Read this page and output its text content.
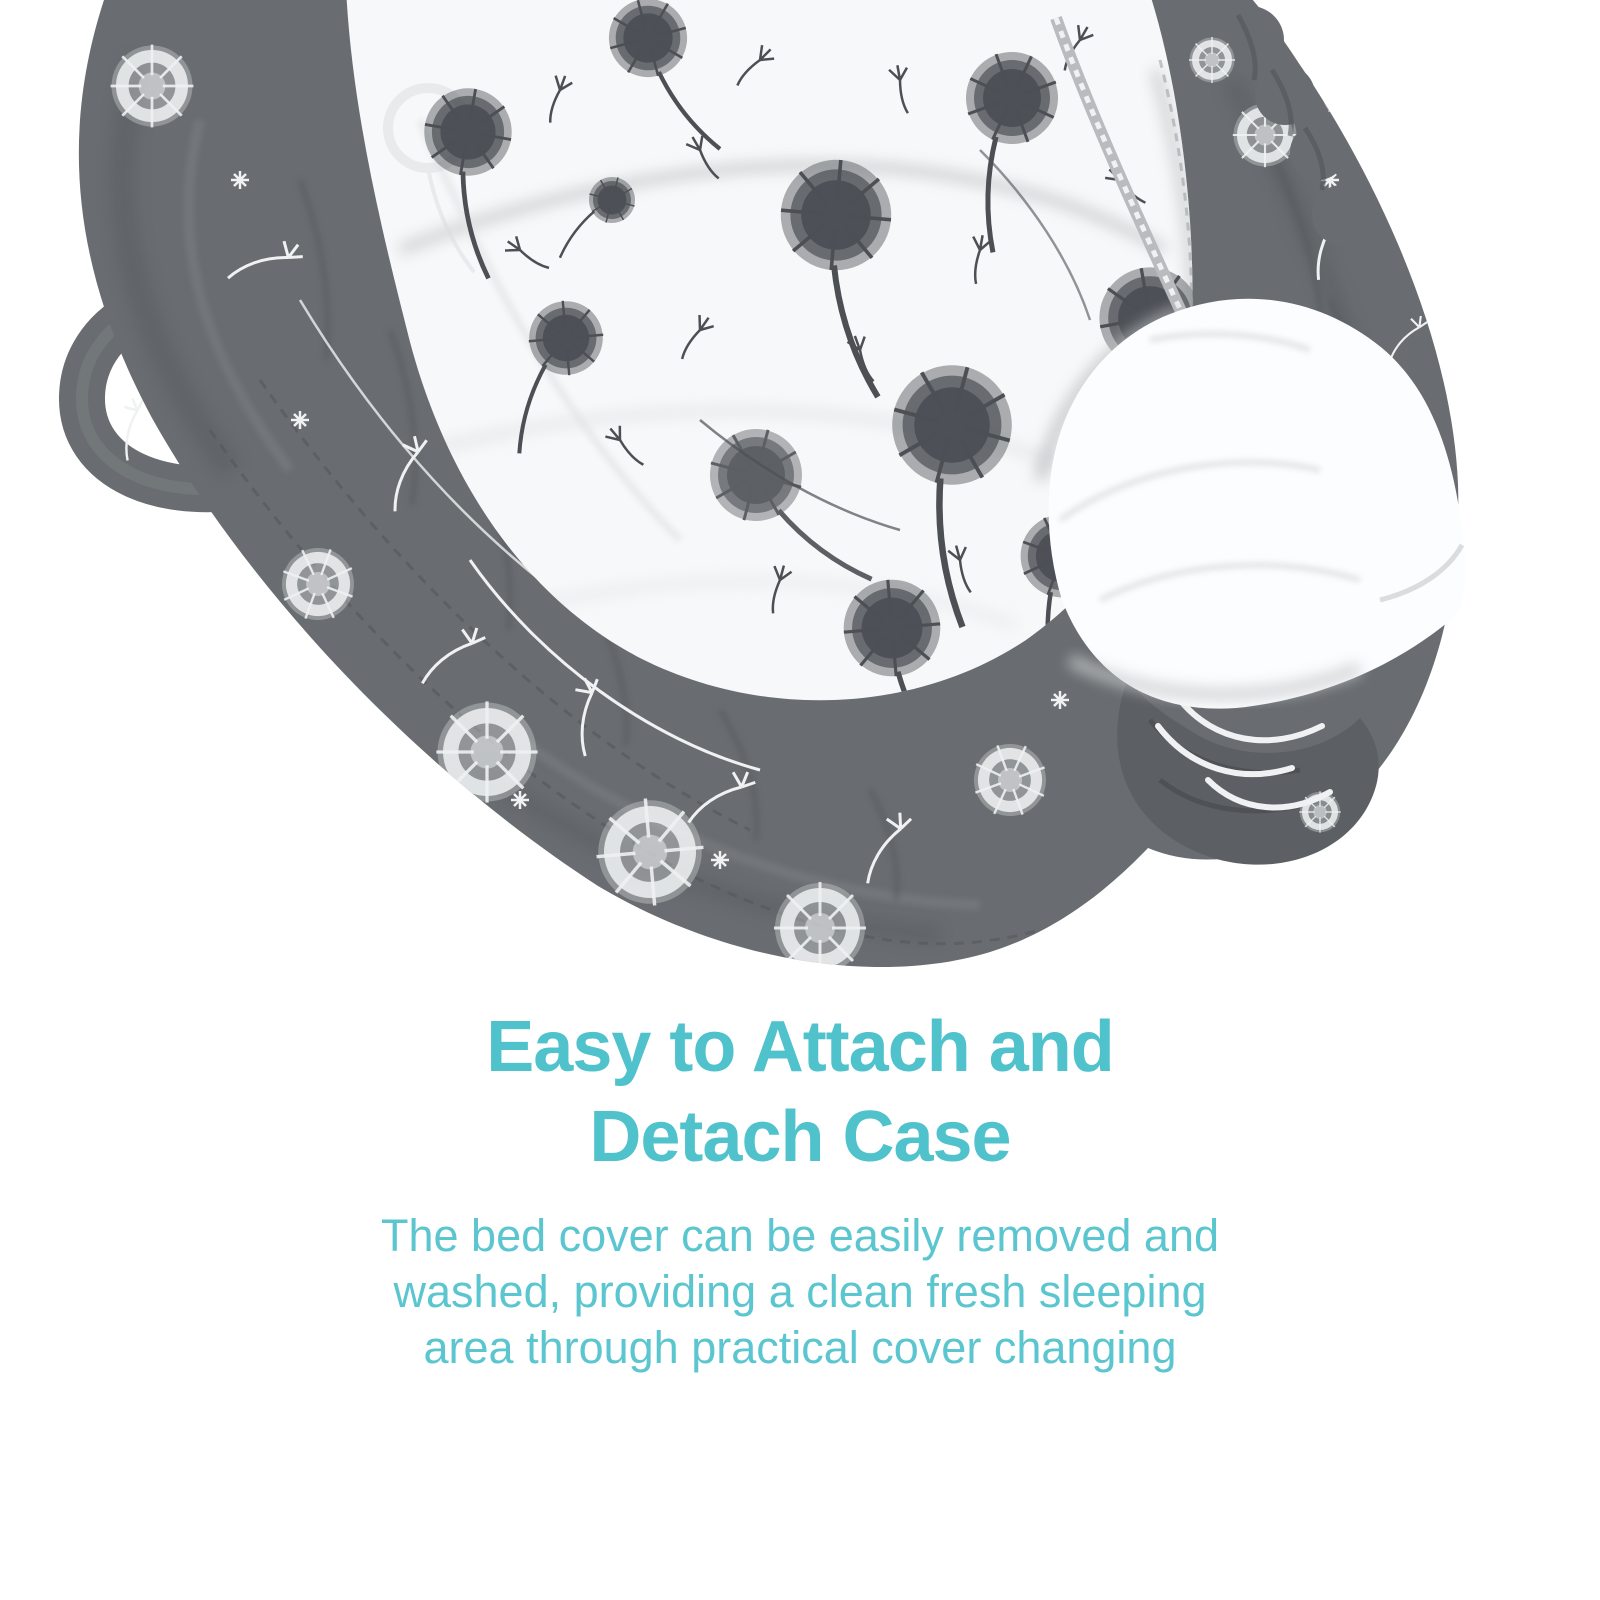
Easy to Attach and
Detach Case

The bed cover can be easily removed and
washed, providing a clean fresh sleeping
area through practical cover changing
